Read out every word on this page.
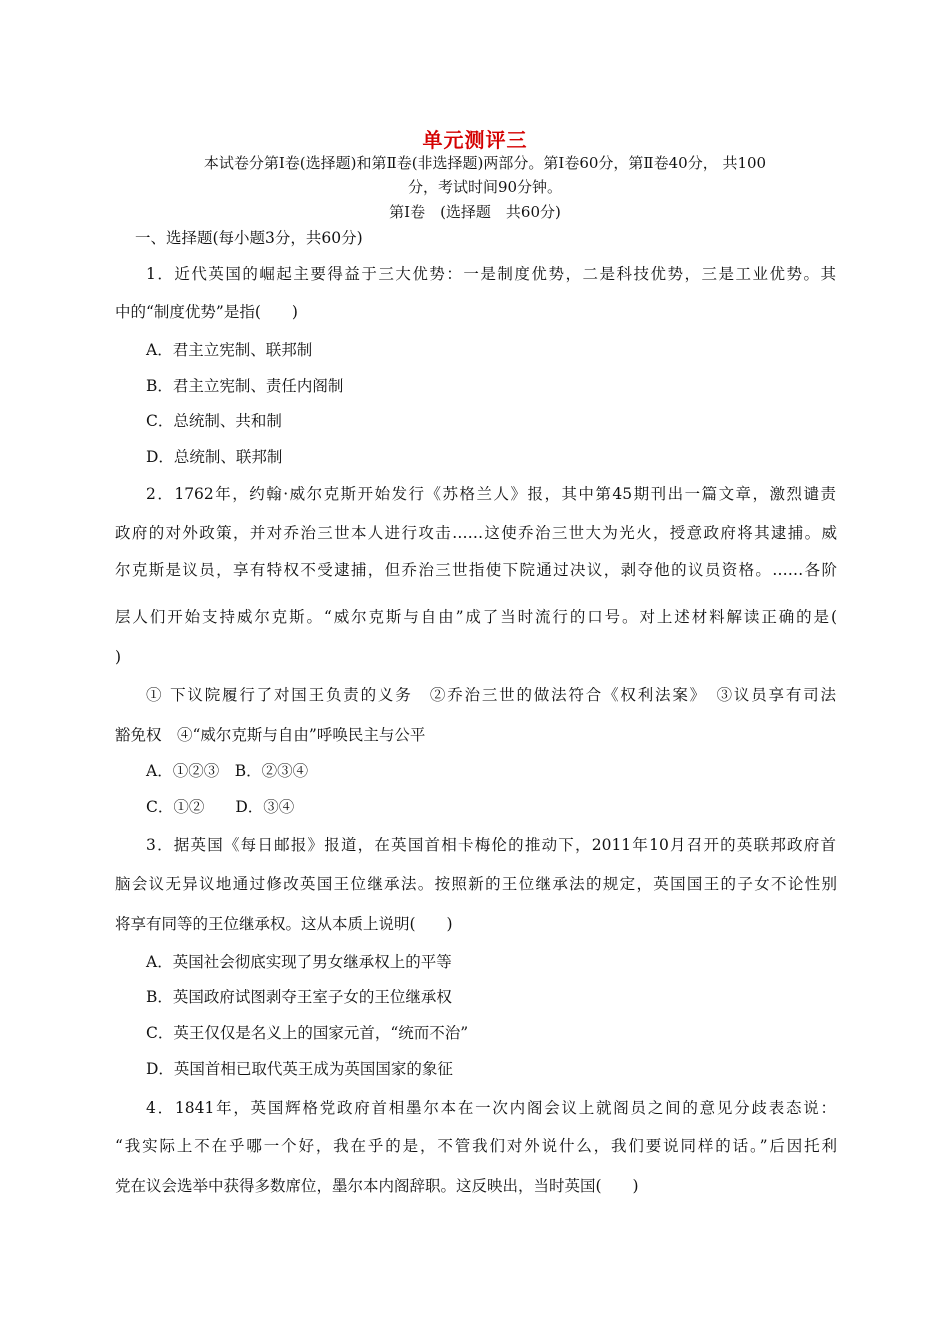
单元测评三
本试卷分第Ⅰ卷(选择题)和第Ⅱ卷(非选择题)两部分。第Ⅰ卷60分，第Ⅱ卷40分， 共100
分，考试时间90分钟。
第Ⅰ卷　(选择题　共60分)
一、选择题(每小题3分，共60分)
1．近代英国的崛起主要得益于三大优势：一是制度优势，二是科技优势，三是工业优势。其
中的“制度优势”是指(　　)
A．君主立宪制、联邦制
B．君主立宪制、责任内阁制
C．总统制、共和制
D．总统制、联邦制
2．1762年，约翰·威尔克斯开始发行《苏格兰人》报，其中第45期刊出一篇文章，激烈谴责
政府的对外政策，并对乔治三世本人进行攻击……这使乔治三世大为光火，授意政府将其逮捕。威
尔克斯是议员，享有特权不受逮捕，但乔治三世指使下院通过决议，剥夺他的议员资格。……各阶
层人们开始支持威尔克斯。“威尔克斯与自由”成了当时流行的口号。对上述材料解读正确的是(
)
① 下议院履行了对国王负责的义务　②乔治三世的做法符合《权利法案》　③议员享有司法
豁免权　④“威尔克斯与自由”呼唤民主与公平
A．①②③　B．②③④
C．①②　　D．③④
3．据英国《每日邮报》报道，在英国首相卡梅伦的推动下，2011年10月召开的英联邦政府首
脑会议无异议地通过修改英国王位继承法。按照新的王位继承法的规定，英国国王的子女不论性别
将享有同等的王位继承权。这从本质上说明(　　)
A．英国社会彻底实现了男女继承权上的平等
B．英国政府试图剥夺王室子女的王位继承权
C．英王仅仅是名义上的国家元首，“统而不治”
D．英国首相已取代英王成为英国国家的象征
4．1841年，英国辉格党政府首相墨尔本在一次内阁会议上就阁员之间的意见分歧表态说：
“我实际上不在乎哪一个好，我在乎的是，不管我们对外说什么，我们要说同样的话。”后因托利
党在议会选举中获得多数席位，墨尔本内阁辞职。这反映出，当时英国(　　)
